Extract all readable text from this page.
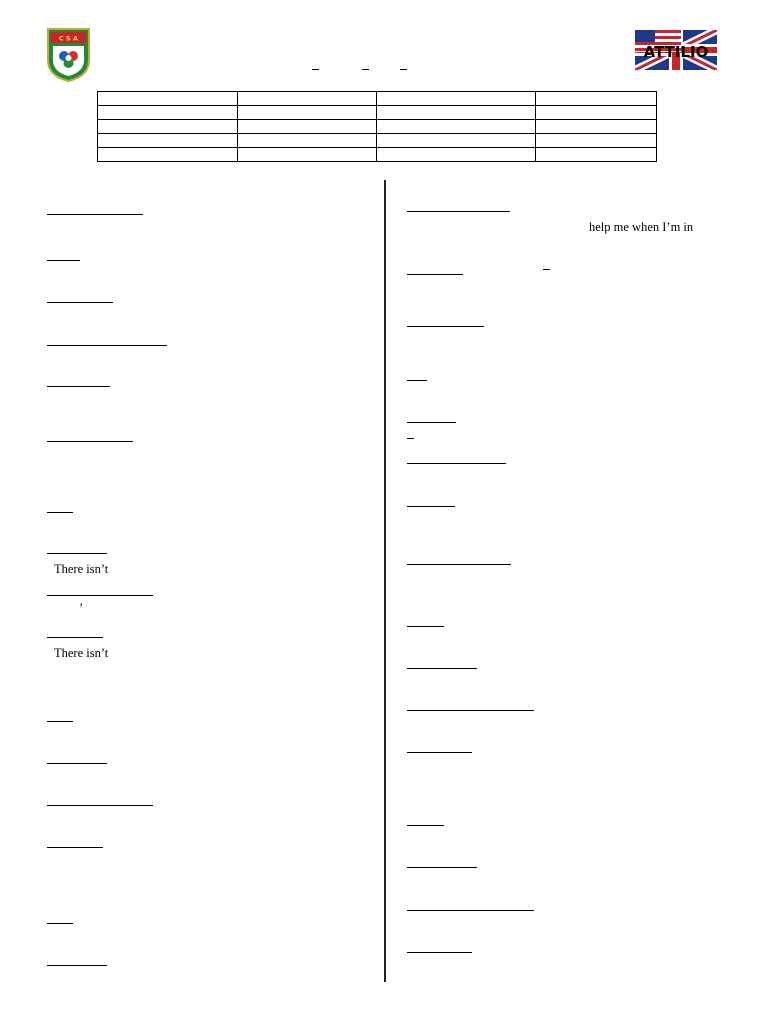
C S A
ATTILIO

There isn’t
’
There isn’t
help me when I’m in
